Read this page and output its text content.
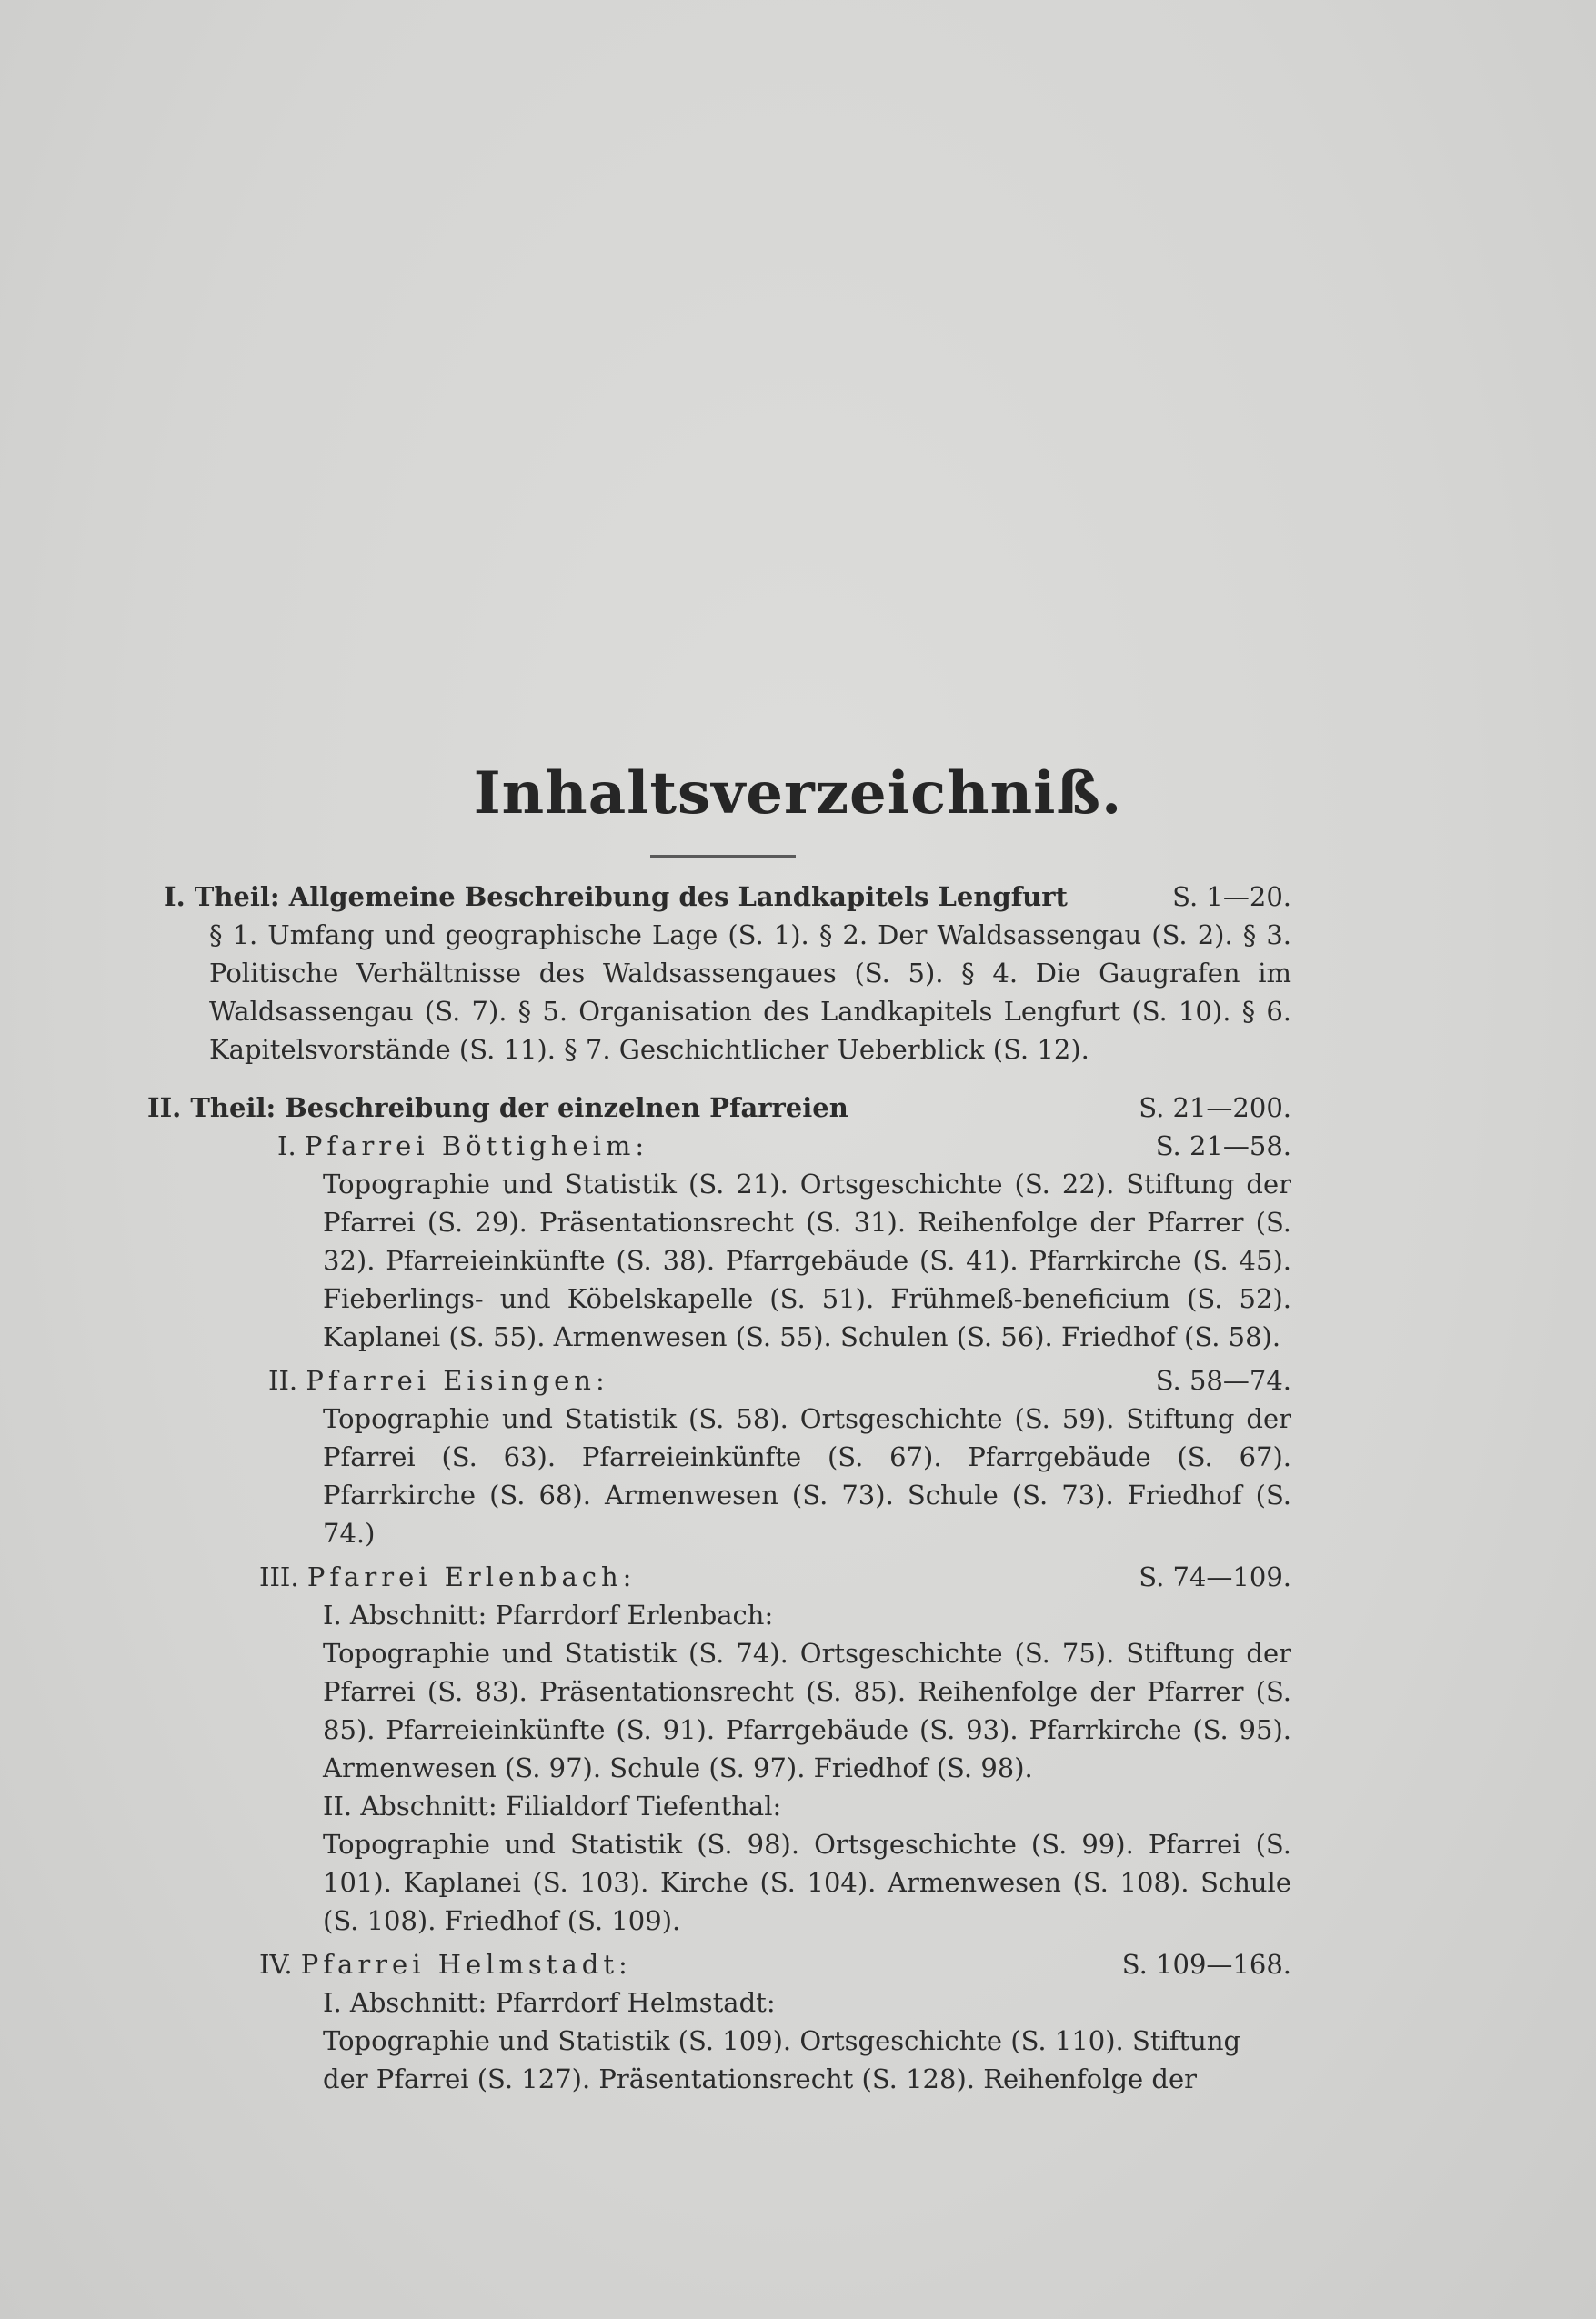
Inhaltsverzeichniß.
I. Theil: Allgemeine Beschreibung des Landkapitels Lengfurt	S. 1—20.
§ 1. Umfang und geographische Lage (S. 1). § 2. Der Waldsassengau (S. 2). § 3. Politische Verhältnisse des Waldsassengaues (S. 5). § 4. Die Gaugrafen im Waldsassengau (S. 7). § 5. Organisation des Landkapitels Lengfurt (S. 10). § 6. Kapitelsvorstände (S. 11). § 7. Geschichtlicher Ueberblick (S. 12).
II. Theil: Beschreibung der einzelnen Pfarreien	S. 21—200.
I. Pfarrei Böttigheim:	S. 21—58.
Topographie und Statistik (S. 21). Ortsgeschichte (S. 22). Stiftung der Pfarrei (S. 29). Präsentationsrecht (S. 31). Reihenfolge der Pfarrer (S. 32). Pfarreieinkünfte (S. 38). Pfarrgebäude (S. 41). Pfarrkirche (S. 45). Fieberlings- und Köbelskapelle (S. 51). Frühmeß-beneficium (S. 52). Kaplanei (S. 55). Armenwesen (S. 55). Schulen (S. 56). Friedhof (S. 58).
II. Pfarrei Eisingen:	S. 58—74.
Topographie und Statistik (S. 58). Ortsgeschichte (S. 59). Stiftung der Pfarrei (S. 63). Pfarreieinkünfte (S. 67). Pfarrgebäude (S. 67). Pfarrkirche (S. 68). Armenwesen (S. 73). Schule (S. 73). Friedhof (S. 74.)
III. Pfarrei Erlenbach:	S. 74—109.
I. Abschnitt: Pfarrdorf Erlenbach:
Topographie und Statistik (S. 74). Ortsgeschichte (S. 75). Stiftung der Pfarrei (S. 83). Präsentationsrecht (S. 85). Reihenfolge der Pfarrer (S. 85). Pfarreieinkünfte (S. 91). Pfarrgebäude (S. 93). Pfarrkirche (S. 95). Armenwesen (S. 97). Schule (S. 97). Friedhof (S. 98).
II. Abschnitt: Filialdorf Tiefenthal:
Topographie und Statistik (S. 98). Ortsgeschichte (S. 99). Pfarrei (S. 101). Kaplanei (S. 103). Kirche (S. 104). Armenwesen (S. 108). Schule (S. 108). Friedhof (S. 109).
IV. Pfarrei Helmstadt:	S. 109—168.
I. Abschnitt: Pfarrdorf Helmstadt:
Topographie und Statistik (S. 109). Ortsgeschichte (S. 110). Stiftung der Pfarrei (S. 127). Präsentationsrecht (S. 128). Reihenfolge der
